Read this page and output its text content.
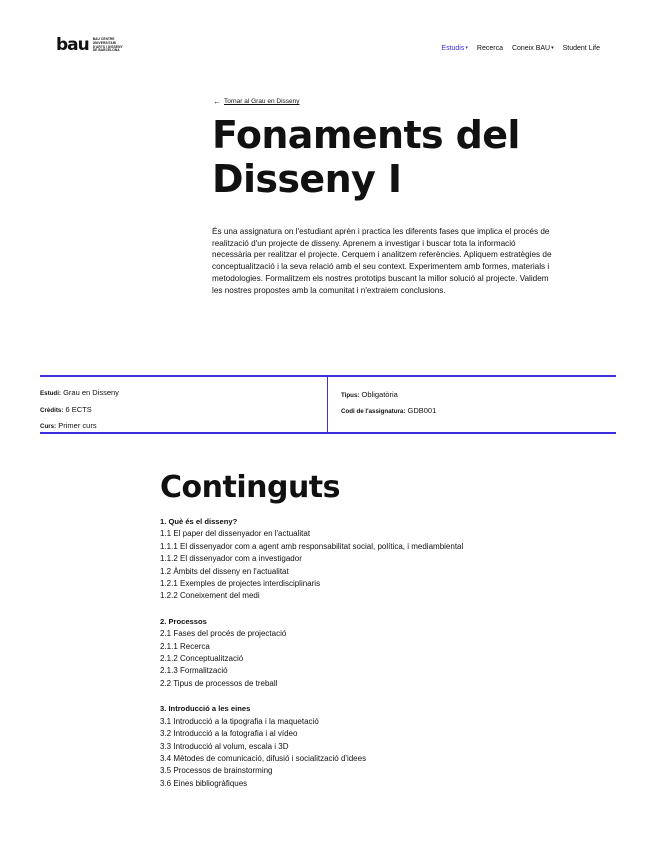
bau BAU CENTRE
UNIVERSITARI
D'ARTS I DISSENY
DE BARCELONA	Estudis ▾ Recerca Coneix BAU ▾ Student Life
← Tornar al Grau en Disseny
Fonaments del
Disseny I

És una assignatura on l'estudiant aprèn i practica les diferents fases que implica el procés de realització d'un projecte de disseny. Aprenem a investigar i buscar tota la informació necessària per realitzar el projecte. Cerquem i analitzem referències. Apliquem estratègies de conceptualització i la seva relació amb el seu context. Experimentem amb formes, materials i metodologies. Formalitzem els nostres prototips buscant la millor solució al projecte. Validem les nostres propostes amb la comunitat i n'extraiem conclusions.

Estudi: Grau en Disseny
Crèdits: 6 ECTS
Curs: Primer curs
Tipus: Obligatòria
Codi de l'assignatura: GDB001
Continguts
1. Què és el disseny?
1.1 El paper del dissenyador en l'actualitat
1.1.1 El dissenyador com a agent amb responsabilitat social, política, i mediambiental
1.1.2 El dissenyador com a investigador
1.2 Àmbits del disseny en l'actualitat
1.2.1 Exemples de projectes interdisciplinaris
1.2.2 Coneixement del medi
2. Processos
2.1 Fases del procés de projectació
2.1.1 Recerca
2.1.2 Conceptualització
2.1.3 Formalització
2.2 Tipus de processos de treball
3. Introducció a les eines
3.1 Introducció a la tipografia i la maquetació
3.2 Introducció a la fotografia i al vídeo
3.3 Introducció al volum, escala i 3D
3.4 Mètodes de comunicació, difusió i socialització d'idees
3.5 Processos de brainstorming
3.6 Eines bibliogràfiques
